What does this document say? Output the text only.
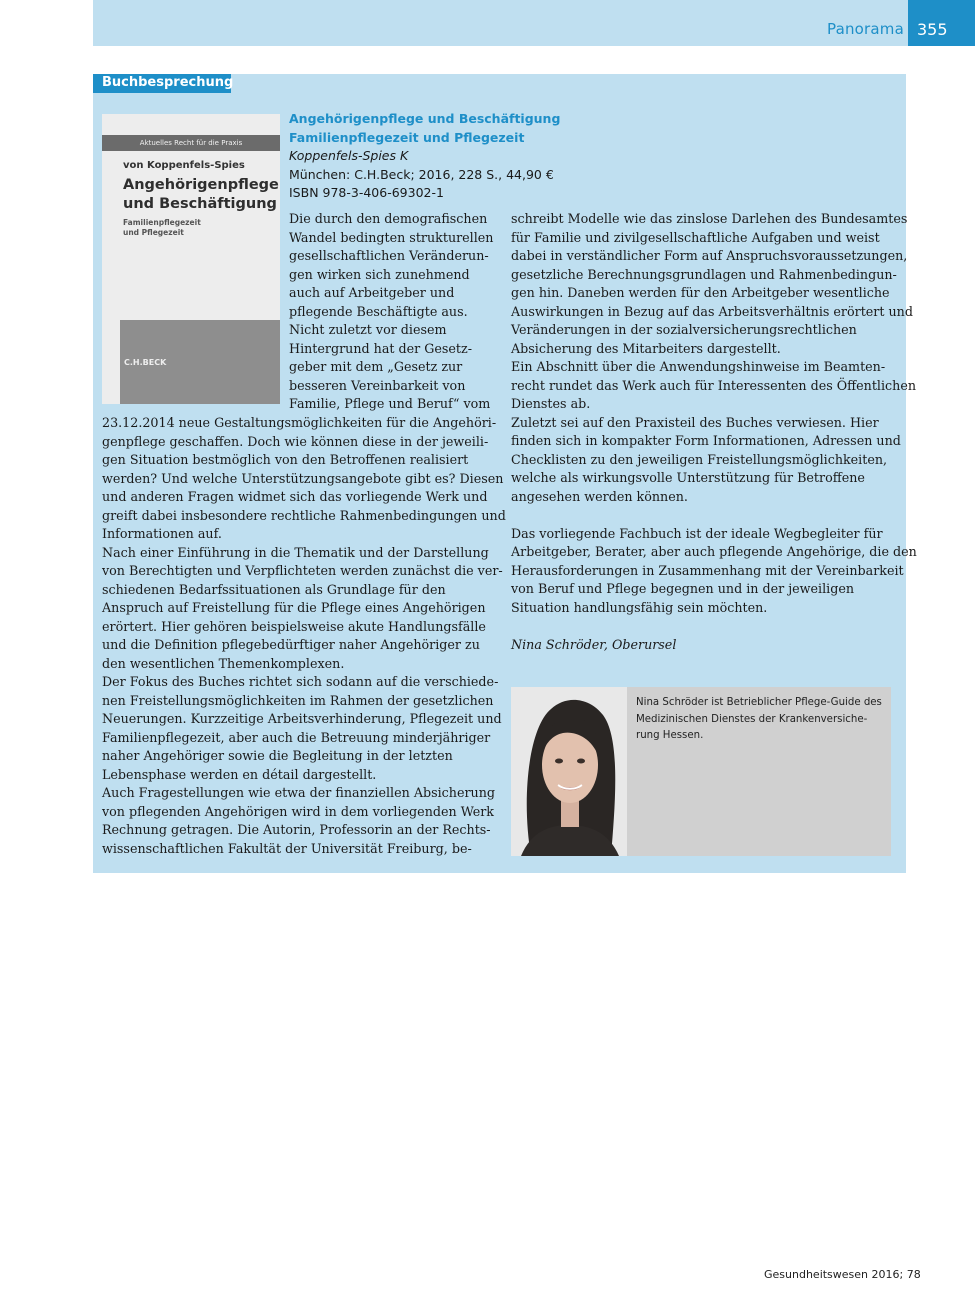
Panorama 355
Buchbesprechung
Aktuelles Recht für die Praxis
von Koppenfels-Spies
Angehörigenpflege
und Beschäftigung
Familienpflegezeit
und Pflegezeit
C.H.BECK
Angehörigenpflege und Beschäftigung
Familienpflegezeit und Pflegezeit
Koppenfels-Spies K
München: C.H.Beck; 2016, 228 S., 44,90 €
ISBN 978-3-406-69302-1
Die durch den demografischen
Wandel bedingten strukturellen
gesellschaftlichen Veränderun-
gen wirken sich zunehmend
auch auf Arbeitgeber und
pflegende Beschäftigte aus.
Nicht zuletzt vor diesem
Hintergrund hat der Gesetz-
geber mit dem „Gesetz zur
besseren Vereinbarkeit von
Familie, Pflege und Beruf“ vom
23.12.2014 neue Gestaltungsmöglichkeiten für die Angehöri-
genpflege geschaffen. Doch wie können diese in der jeweili-
gen Situation bestmöglich von den Betroffenen realisiert
werden? Und welche Unterstützungsangebote gibt es? Diesen
und anderen Fragen widmet sich das vorliegende Werk und
greift dabei insbesondere rechtliche Rahmenbedingungen und
Informationen auf.
Nach einer Einführung in die Thematik und der Darstellung
von Berechtigten und Verpflichteten werden zunächst die ver-
schiedenen Bedarfssituationen als Grundlage für den
Anspruch auf Freistellung für die Pflege eines Angehörigen
erörtert. Hier gehören beispielsweise akute Handlungsfälle
und die Definition pflegebedürftiger naher Angehöriger zu
den wesentlichen Themenkomplexen.
Der Fokus des Buches richtet sich sodann auf die verschiede-
nen Freistellungsmöglichkeiten im Rahmen der gesetzlichen
Neuerungen. Kurzzeitige Arbeitsverhinderung, Pflegezeit und
Familienpflegezeit, aber auch die Betreuung minderjähriger
naher Angehöriger sowie die Begleitung in der letzten
Lebensphase werden en détail dargestellt.
Auch Fragestellungen wie etwa der finanziellen Absicherung
von pflegenden Angehörigen wird in dem vorliegenden Werk
Rechnung getragen. Die Autorin, Professorin an der Rechts-
wissenschaftlichen Fakultät der Universität Freiburg, be-
schreibt Modelle wie das zinslose Darlehen des Bundesamtes
für Familie und zivilgesellschaftliche Aufgaben und weist
dabei in verständlicher Form auf Anspruchsvoraussetzungen,
gesetzliche Berechnungsgrundlagen und Rahmenbedingun-
gen hin. Daneben werden für den Arbeitgeber wesentliche
Auswirkungen in Bezug auf das Arbeitsverhältnis erörtert und
Veränderungen in der sozialversicherungsrechtlichen
Absicherung des Mitarbeiters dargestellt.
Ein Abschnitt über die Anwendungshinweise im Beamten-
recht rundet das Werk auch für Interessenten des Öffentlichen
Dienstes ab.
Zuletzt sei auf den Praxisteil des Buches verwiesen. Hier
finden sich in kompakter Form Informationen, Adressen und
Checklisten zu den jeweiligen Freistellungsmöglichkeiten,
welche als wirkungsvolle Unterstützung für Betroffene
angesehen werden können.
Das vorliegende Fachbuch ist der ideale Wegbegleiter für
Arbeitgeber, Berater, aber auch pflegende Angehörige, die den
Herausforderungen in Zusammenhang mit der Vereinbarkeit
von Beruf und Pflege begegnen und in der jeweiligen
Situation handlungsfähig sein möchten.
Nina Schröder, Oberursel
Nina Schröder ist Betrieblicher Pflege-Guide des
Medizinischen Dienstes der Krankenversiche-
rung Hessen.
Gesundheitswesen 2016; 78
